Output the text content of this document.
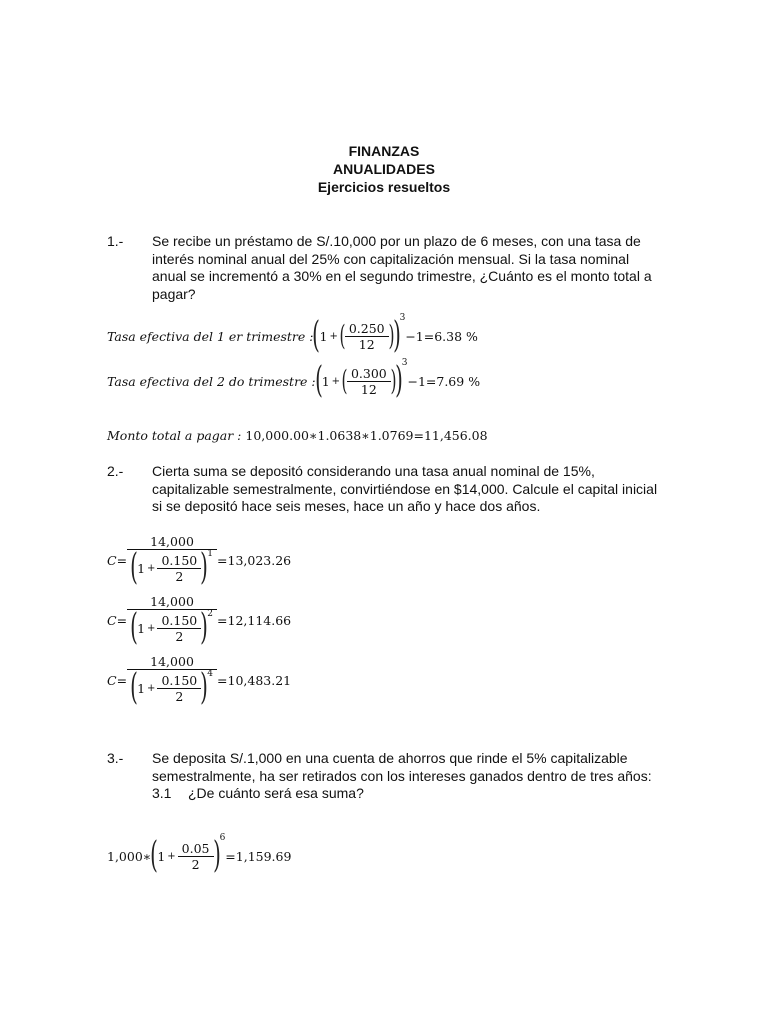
FINANZAS
ANUALIDADES
Ejercicios resueltos
1.- Se recibe un préstamo de S/.10,000 por un plazo de 6 meses, con una tasa de interés nominal anual del 25% con capitalización mensual. Si la tasa nominal anual se incrementó a 30% en el segundo trimestre, ¿Cuánto es el monto total a pagar?
Tasa efectiva del 1 er trimestre : ( 1 + ( $\frac{0.250}{12}$ )
) 3
−1=6.38 %
Tasa efectiva del 2 do trimestre : ( 1 + ( $\frac{0.300}{12}$ )
) 3
−1=7.69 %
Monto total a pagar : 10,000.00∗1.0638∗1.0769=11,456.08
2.- Cierta suma se depositó considerando una tasa anual nominal de 15%, capitalizable semestralmente, convirtiéndose en $14,000. Calcule el capital inicial si se depositó hace seis meses, hace un año y hace dos años.
C=
14,000
( $1 + \frac{0.150}{2}$ ) 1 =13,023.26
C=
14,000
( $1 + \frac{0.150}{2}$ ) 2 =12,114.66
C=
14,000
( $1 + \frac{0.150}{2}$ ) 4 =10,483.21
3.- Se deposita S/.1,000 en una cuenta de ahorros que rinde el 5% capitalizable semestralmente, ha ser retirados con los intereses ganados dentro de tres años:
3.1 ¿De cuánto será esa suma?
1,000∗ ( $1 + \frac{0.05}{2}$ ) 6
=1,159.69
